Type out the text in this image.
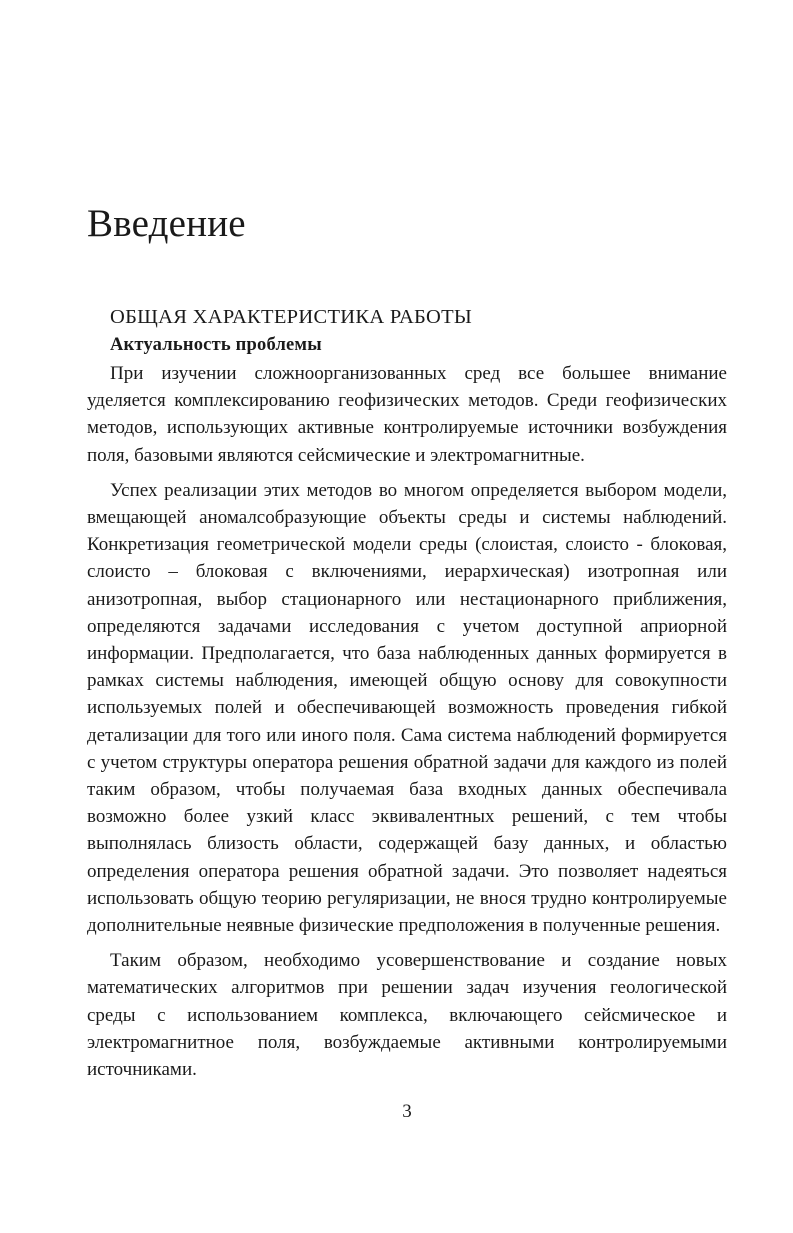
Введение
ОБЩАЯ ХАРАКТЕРИСТИКА РАБОТЫ
Актуальность проблемы

При изучении сложноорганизованных сред все большее внимание уделяется комплексированию геофизических методов. Среди геофизических методов, использующих активные контролируемые источники возбуждения поля, базовыми являются сейсмические и электромагнитные.

Успех реализации этих методов во многом определяется выбором модели, вмещающей аномалсобразующие объекты среды и системы наблюдений. Конкретизация геометрической модели среды (слоистая, слоисто - блоковая, слоисто – блоковая с включениями, иерархическая) изотропная или анизотропная, выбор стационарного или нестационарного приближения, определяются задачами исследования с учетом доступной априорной информации. Предполагается, что база наблюденных данных формируется в рамках системы наблюдения, имеющей общую основу для совокупности используемых полей и обеспечивающей возможность проведения гибкой детализации для того или иного поля. Сама система наблюдений формируется с учетом структуры оператора решения обратной задачи для каждого из полей таким образом, чтобы получаемая база входных данных обеспечивала возможно более узкий класс эквивалентных решений, с тем чтобы выполнялась близость области, содержащей базу данных, и областью определения оператора решения обратной задачи. Это позволяет надеяться использовать общую теорию регуляризации, не внося трудно контролируемые дополнительные неявные физические предположения в полученные решения.

Таким образом, необходимо усовершенствование и создание новых математических алгоритмов при решении задач изучения геологической среды с использованием комплекса, включающего сейсмическое и электромагнитное поля, возбуждаемые активными контролируемыми источниками.

3
